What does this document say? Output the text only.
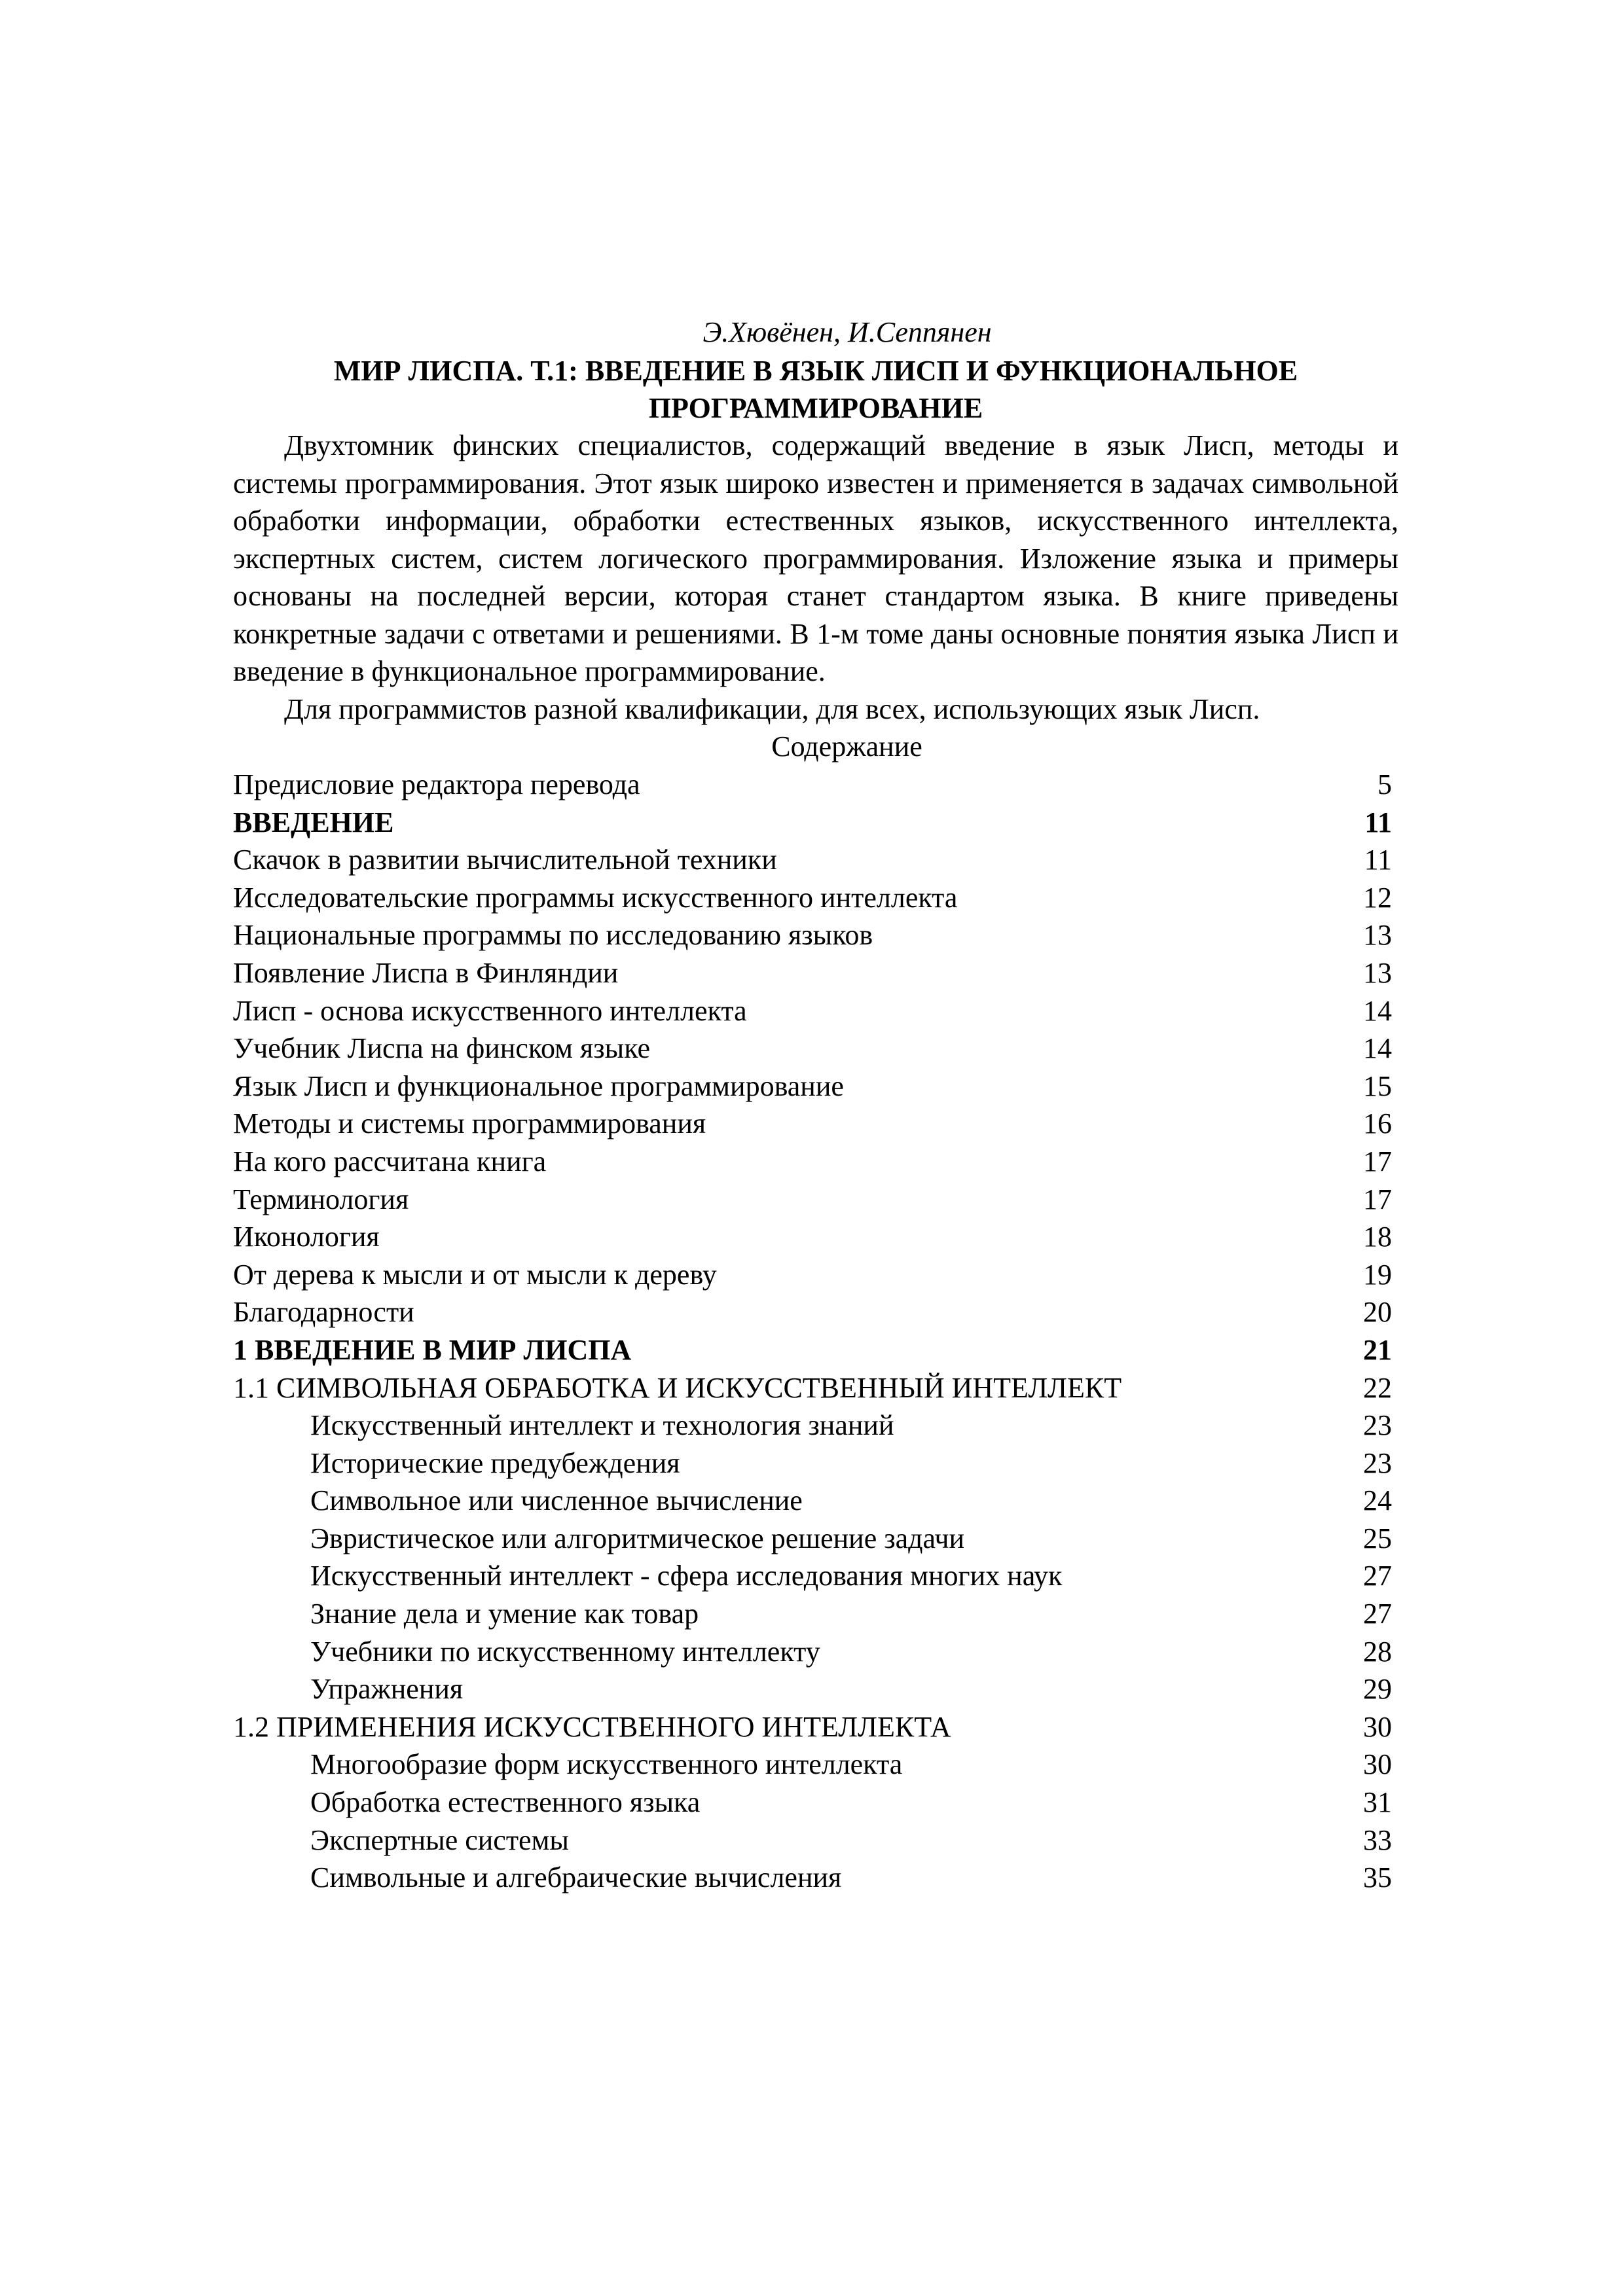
Э.Хювёнен, И.Сеппянен
МИР ЛИСПА. Т.1: ВВЕДЕНИЕ В ЯЗЫК ЛИСП И ФУНКЦИОНАЛЬНОЕ
ПРОГРАММИРОВАНИЕ

Двухтомник финских специалистов, содержащий введение в язык Лисп, методы и системы программирования. Этот язык широко известен и применяется в задачах символьной обработки информации, обработки естественных языков, искусственного интеллекта, экспертных систем, систем логического программирования. Изложение языка и примеры основаны на последней версии, которая станет стандартом языка. В книге приведены конкретные задачи с ответами и решениями. В 1-м томе даны основные понятия языка Лисп и введение в функциональное программирование.

Для программистов разной квалификации, для всех, использующих язык Лисп.

Содержание
Предисловие редактора перевода	5
ВВЕДЕНИЕ	11
Скачок в развитии вычислительной техники	11
Исследовательские программы искусственного интеллекта	12
Национальные программы по исследованию языков	13
Появление Лиспа в Финляндии	13
Лисп - основа искусственного интеллекта	14
Учебник Лиспа на финском языке	14
Язык Лисп и функциональное программирование	15
Методы и системы программирования	16
На кого рассчитана книга	17
Терминология	17
Иконология	18
От дерева к мысли и от мысли к дереву	19
Благодарности	20
1 ВВЕДЕНИЕ В МИР ЛИСПА	21
1.1 СИМВОЛЬНАЯ ОБРАБОТКА И ИСКУССТВЕННЫЙ ИНТЕЛЛЕКТ	22
Искусственный интеллект и технология знаний	23
Исторические предубеждения	23
Символьное или численное вычисление	24
Эвристическое или алгоритмическое решение задачи	25
Искусственный интеллект - сфера исследования многих наук	27
Знание дела и умение как товар	27
Учебники по искусственному интеллекту	28
Упражнения	29
1.2 ПРИМЕНЕНИЯ ИСКУССТВЕННОГО ИНТЕЛЛЕКТА	30
Многообразие форм искусственного интеллекта	30
Обработка естественного языка	31
Экспертные системы	33
Символьные и алгебраические вычисления	35
